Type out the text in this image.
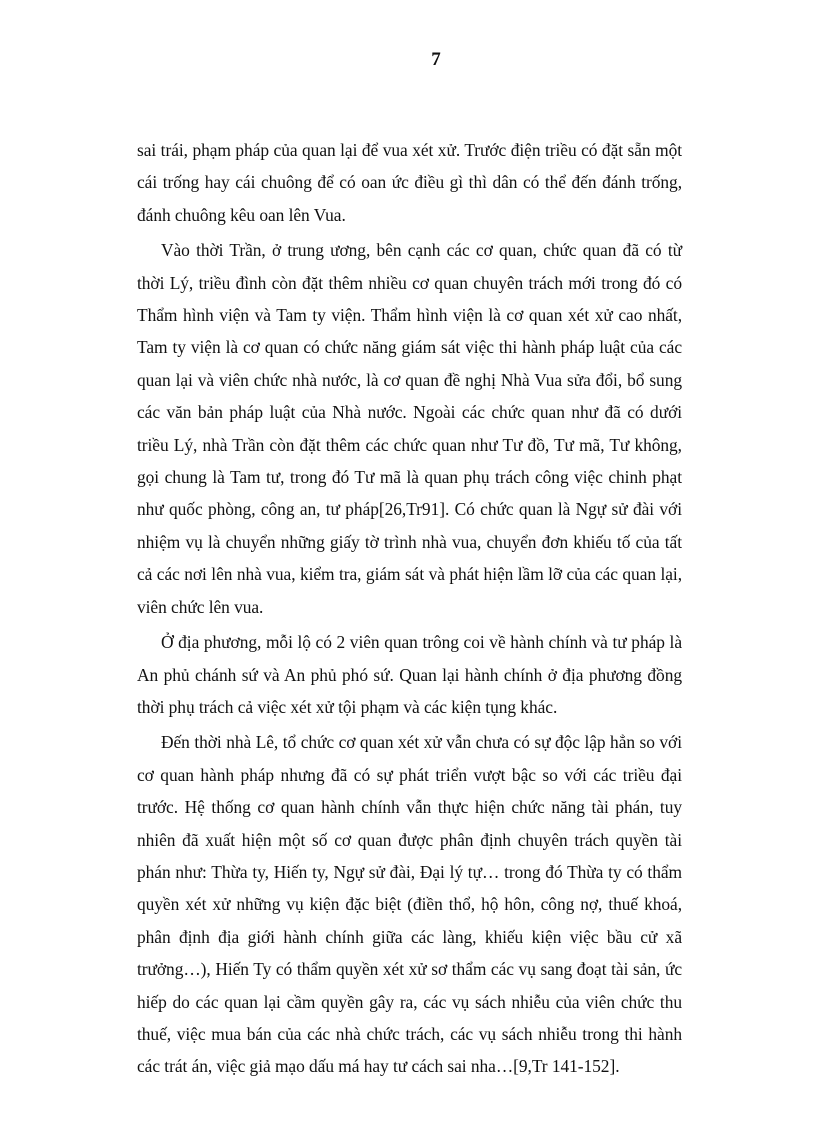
7

sai trái, phạm pháp của quan lại để vua xét xử. Trước điện triều có đặt sẵn một cái trống hay cái chuông để có oan ức điều gì thì dân có thể đến đánh trống, đánh chuông kêu oan lên Vua.

Vào thời Trần, ở trung ương, bên cạnh các cơ quan, chức quan đã có từ thời Lý, triều đình còn đặt thêm nhiều cơ quan chuyên trách mới trong đó có Thẩm hình viện và Tam ty viện. Thẩm hình viện là cơ quan xét xử cao nhất, Tam ty viện là cơ quan có chức năng giám sát việc thi hành pháp luật của các quan lại và viên chức nhà nước, là cơ quan đề nghị Nhà Vua sửa đổi, bổ sung các văn bản pháp luật của Nhà nước. Ngoài các chức quan như đã có dưới triều Lý, nhà Trần còn đặt thêm các chức quan như Tư đồ, Tư mã, Tư không, gọi chung là Tam tư, trong đó Tư mã là quan phụ trách công việc chinh phạt như quốc phòng, công an, tư pháp[26,Tr91]. Có chức quan là Ngự sử đài với nhiệm vụ là chuyển những giấy tờ trình nhà vua, chuyển đơn khiếu tố của tất cả các nơi lên nhà vua, kiểm tra, giám sát và phát hiện lầm lỡ của các quan lại, viên chức lên vua.

Ở địa phương, mỗi lộ có 2 viên quan trông coi về hành chính và tư pháp là An phủ chánh sứ và An phủ phó sứ. Quan lại hành chính ở địa phương đồng thời phụ trách cả việc xét xử tội phạm và các kiện tụng khác.

Đến thời nhà Lê, tổ chức cơ quan xét xử vẫn chưa có sự độc lập hẳn so với cơ quan hành pháp nhưng đã có sự phát triển vượt bậc so với các triều đại trước. Hệ thống cơ quan hành chính vẫn thực hiện chức năng tài phán, tuy nhiên đã xuất hiện một số cơ quan được phân định chuyên trách quyền tài phán như: Thừa ty, Hiến ty, Ngự sử đài, Đại lý tự… trong đó Thừa ty có thẩm quyền xét xử những vụ kiện đặc biệt (điền thổ, hộ hôn, công nợ, thuế khoá, phân định địa giới hành chính giữa các làng, khiếu kiện việc bầu cử xã trưởng…), Hiến Ty có thẩm quyền xét xử sơ thẩm các vụ sang đoạt tài sản, ức hiếp do các quan lại cầm quyền gây ra, các vụ sách nhiễu của viên chức thu thuế, việc mua bán của các nhà chức trách, các vụ sách nhiễu trong thi hành các trát án, việc giả mạo dấu má hay tư cách sai nha…[9,Tr 141-152].
